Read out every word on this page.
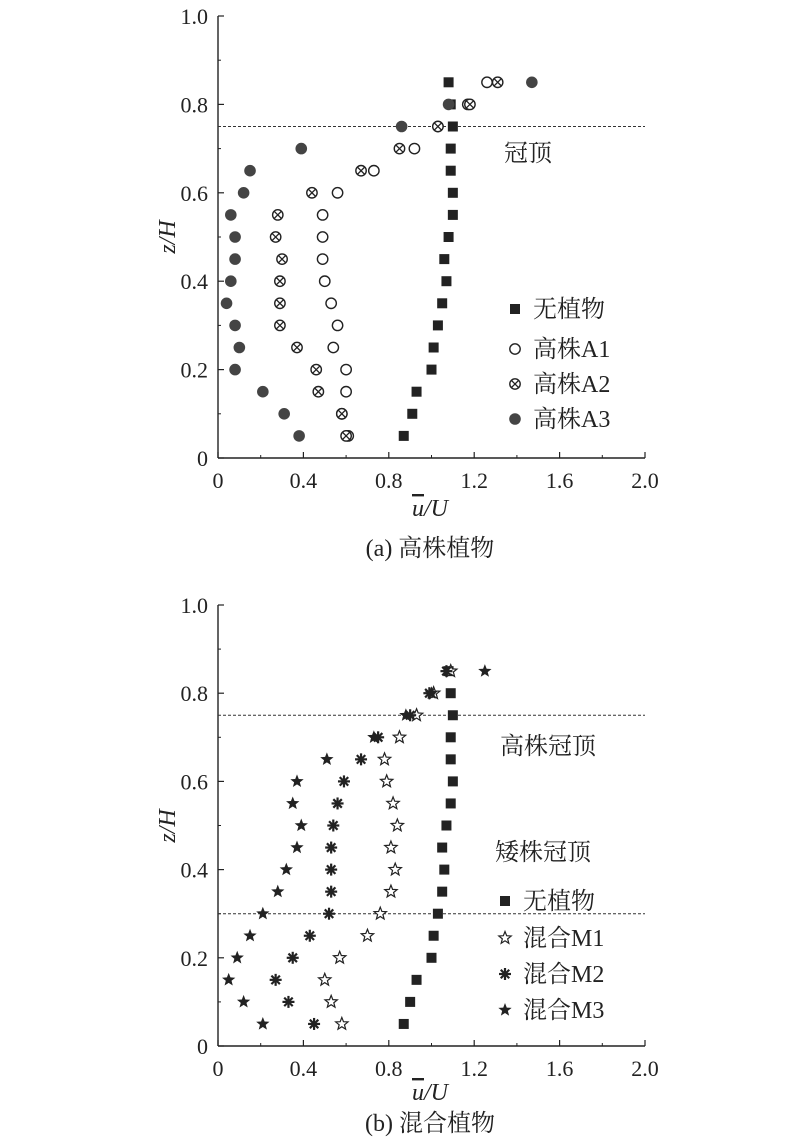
0	0.4	0.8	1.2	1.6	2.0
0
0.2
0.4
0.6
0.8
1.0
冠顶
u/U
z/H
(a) 高株植物
无植物
高株A1
高株A2
高株A3
0	0.4	0.8	1.2	1.6	2.0
0
0.2
0.4
0.6
0.8
1.0
高株冠顶
矮株冠顶
u/U
z/H
(b) 混合植物
无植物
混合M1
混合M2
混合M3
